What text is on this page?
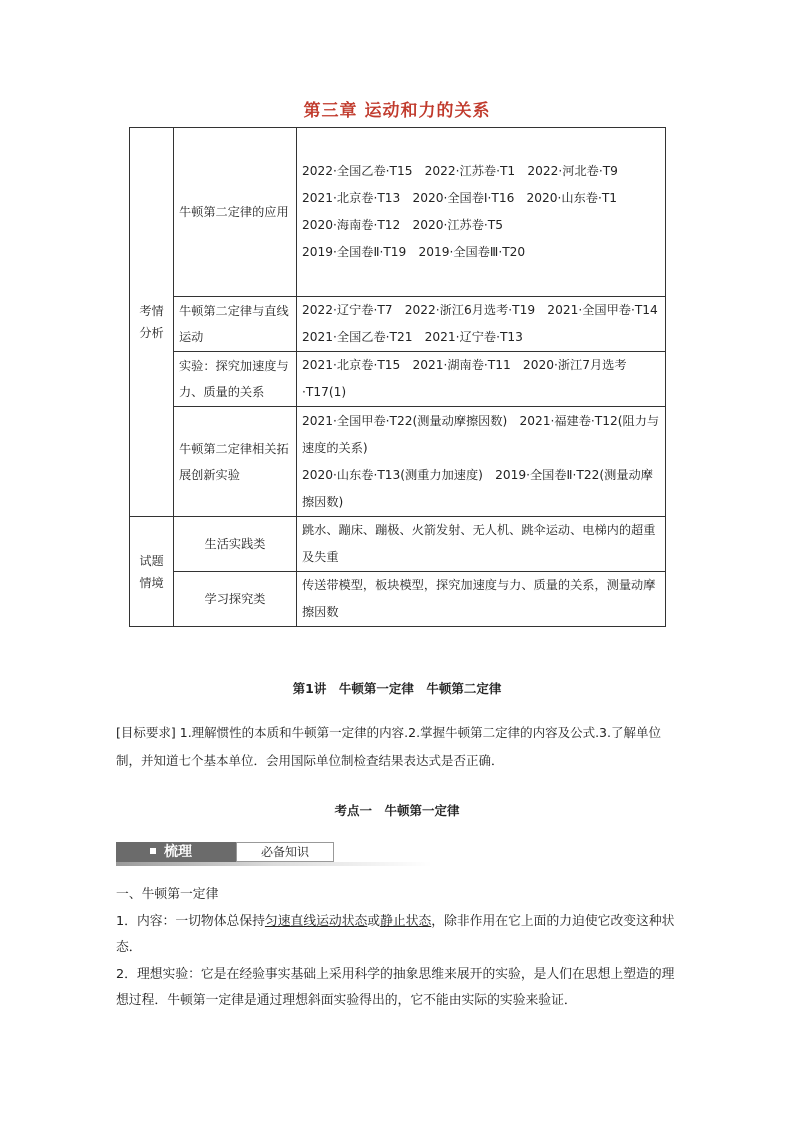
第三章 运动和力的关系
考情分析	牛顿第二定律的应用	2022·全国乙卷·T15　2022·江苏卷·T1　2022·河北卷·T9
2021·北京卷·T13　2020·全国卷Ⅰ·T16　2020·山东卷·T1
2020·海南卷·T12　2020·江苏卷·T5
2019·全国卷Ⅱ·T19　2019·全国卷Ⅲ·T20

	牛顿第二定律与直线运动	2022·辽宁卷·T7　2022·浙江6月选考·T19　2021·全国甲卷·T14　2021·全国乙卷·T21　2021·辽宁卷·T13
	实验：探究加速度与力、质量的关系	2021·北京卷·T15　2021·湖南卷·T11　2020·浙江7月选考·T17(1)
	牛顿第二定律相关拓展创新实验	2021·全国甲卷·T22(测量动摩擦因数)　2021·福建卷·T12(阻力与速度的关系)
2020·山东卷·T13(测重力加速度)　2019·全国卷Ⅱ·T22(测量动摩擦因数)

试题情境	生活实践类	跳水、蹦床、蹦极、火箭发射、无人机、跳伞运动、电梯内的超重及失重
	学习探究类	传送带模型，板块模型，探究加速度与力、质量的关系，测量动摩擦因数
第1讲　牛顿第一定律　牛顿第二定律
[目标要求] 1.理解惯性的本质和牛顿第一定律的内容.2.掌握牛顿第二定律的内容及公式.3.了解单位制，并知道七个基本单位．会用国际单位制检查结果表达式是否正确．
考点一　牛顿第一定律
梳理	必备知识

一、牛顿第一定律

1．内容：一切物体总保持匀速直线运动状态或静止状态，除非作用在它上面的力迫使它改变这种状态．

2．理想实验：它是在经验事实基础上采用科学的抽象思维来展开的实验，是人们在思想上塑造的理想过程．牛顿第一定律是通过理想斜面实验得出的，它不能由实际的实验来验证．
